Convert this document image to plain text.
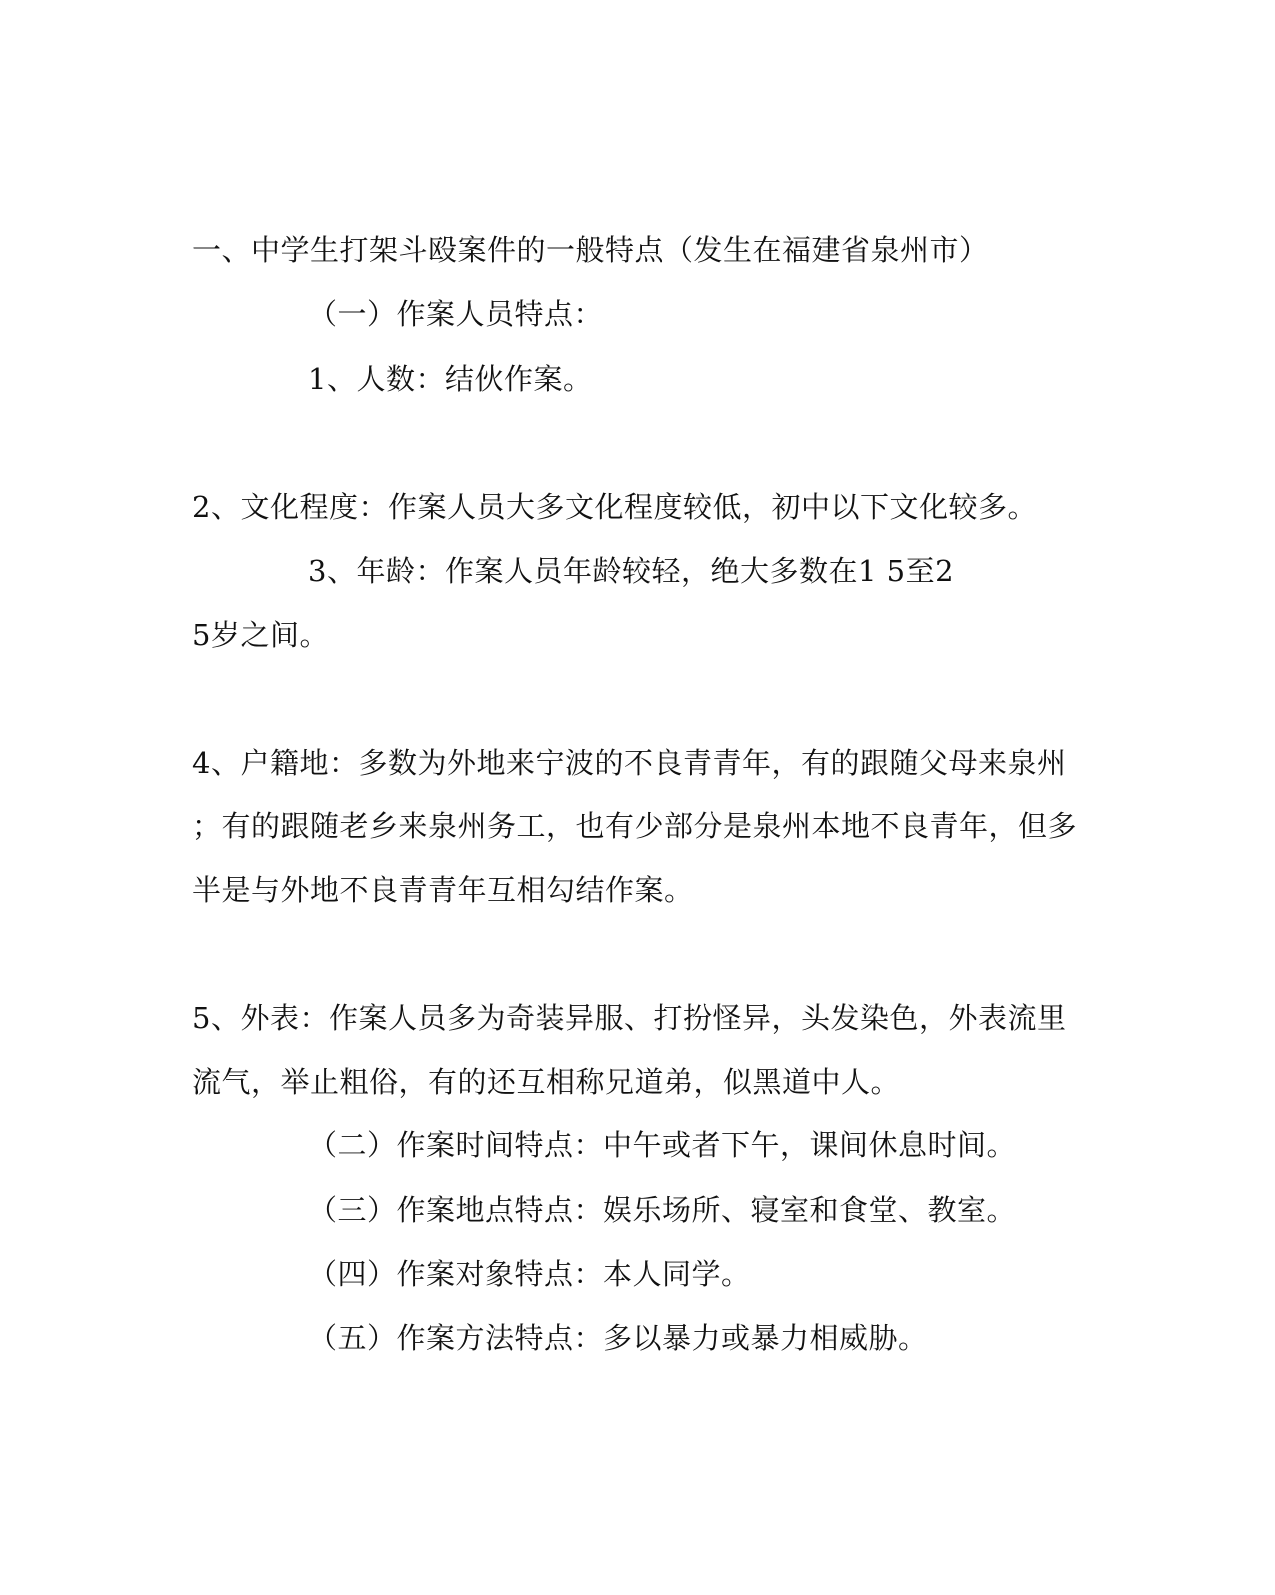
一、中学生打架斗殴案件的一般特点（发生在福建省泉州市）
（一）作案人员特点：
1、人数：结伙作案。
2、文化程度：作案人员大多文化程度较低，初中以下文化较多。
3、年龄：作案人员年龄较轻，绝大多数在1 5至2
5岁之间。
4、户籍地：多数为外地来宁波的不良青青年，有的跟随父母来泉州
；有的跟随老乡来泉州务工，也有少部分是泉州本地不良青年，但多
半是与外地不良青青年互相勾结作案。
5、外表：作案人员多为奇装异服、打扮怪异，头发染色，外表流里
流气，举止粗俗，有的还互相称兄道弟，似黑道中人。
（二）作案时间特点：中午或者下午，课间休息时间。
（三）作案地点特点：娱乐场所、寝室和食堂、教室。
（四）作案对象特点：本人同学。
（五）作案方法特点：多以暴力或暴力相威胁。
